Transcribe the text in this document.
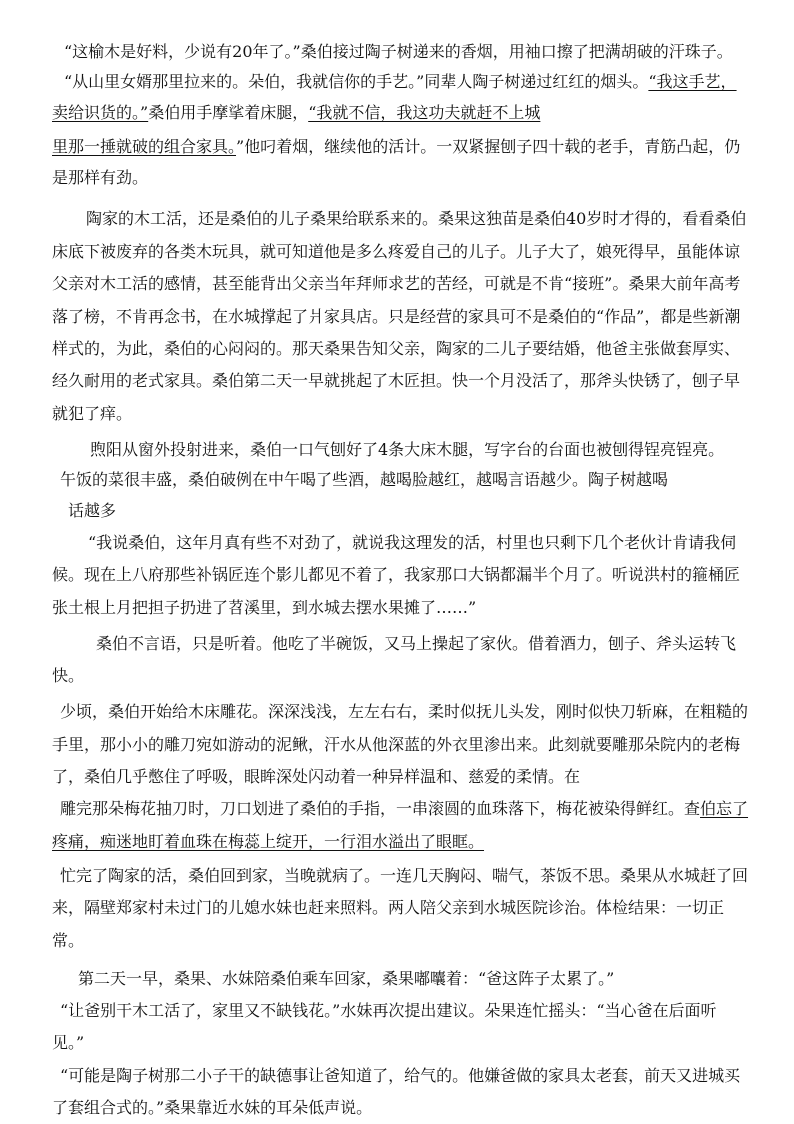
“这榆木是好料，少说有20年了。”桑伯接过陶子树递来的香烟，用袖口擦了把满胡破的汗珠子。
“从山里女婿那里拉来的。朵伯，我就信你的手艺。”同辈人陶子树递过红红的烟头。“我这手艺，
卖给识货的。”桑伯用手摩挲着床腿，“我就不信，我这功夫就赶不上城
里那一捶就破的组合家具。”他叼着烟，继续他的活计。一双紧握刨子四十载的老手，青筋凸起，仍
是那样有劲。
陶家的木工活，还是桑伯的儿子桑果给联系来的。桑果这独苗是桑伯40岁时才得的，看看桑伯
床底下被废弃的各类木玩具，就可知道他是多么疼爱自己的儿子。儿子大了，娘死得早，虽能体谅
父亲对木工活的感情，甚至能背出父亲当年拜师求艺的苦经，可就是不肯“接班”。桑果大前年高考
落了榜，不肯再念书，在水城撑起了爿家具店。只是经营的家具可不是桑伯的“作品”，都是些新潮
样式的，为此，桑伯的心闷闷的。那天桑果告知父亲，陶家的二儿子要结婚，他爸主张做套厚实、
经久耐用的老式家具。桑伯第二天一早就挑起了木匠担。快一个月没活了，那斧头快锈了，刨子早
就犯了痒。
煦阳从窗外投射进来，桑伯一口气刨好了4条大床木腿，写字台的台面也被刨得锃亮锃亮。
午饭的菜很丰盛，桑伯破例在中午喝了些酒，越喝脸越红，越喝言语越少。陶子树越喝
话越多
“我说桑伯，这年月真有些不对劲了，就说我这理发的活，村里也只剩下几个老伙计肯请我伺
候。现在上八府那些补锅匠连个影儿都见不着了，我家那口大锅都漏半个月了。听说洪村的箍桶匠
张土根上月把担子扔进了苕溪里，到水城去摆水果摊了……”
桑伯不言语，只是听着。他吃了半碗饭，又马上操起了家伙。借着酒力，刨子、斧头运转飞
快。
少顷，桑伯开始给木床雕花。深深浅浅，左左右右，柔时似抚儿头发，刚时似快刀斩麻，在粗糙的
手里，那小小的雕刀宛如游动的泥鳅，汗水从他深蓝的外衣里渗出来。此刻就要雕那朵院内的老梅
了，桑伯几乎憋住了呼吸，眼眸深处闪动着一种异样温和、慈爱的柔情。在
雕完那朵梅花抽刀时，刀口划进了桑伯的手指，一串滚圆的血珠落下，梅花被染得鲜红。查伯忘了
疼痛，痴迷地盯着血珠在梅蕊上绽开，一行泪水溢出了眼眶。
忙完了陶家的活，桑伯回到家，当晚就病了。一连几天胸闷、喘气，茶饭不思。桑果从水城赶了回
来，隔壁郑家村未过门的儿媳水妹也赶来照料。两人陪父亲到水城医院诊治。体检结果：一切正
常。
第二天一早，桑果、水妹陪桑伯乘车回家，桑果嘟囔着：“爸这阵子太累了。”
“让爸别干木工活了，家里又不缺钱花。”水妹再次提出建议。朵果连忙摇头：“当心爸在后面听
见。”
“可能是陶子树那二小子干的缺德事让爸知道了，给气的。他嫌爸做的家具太老套，前天又进城买
了套组合式的。”桑果靠近水妹的耳朵低声说。
